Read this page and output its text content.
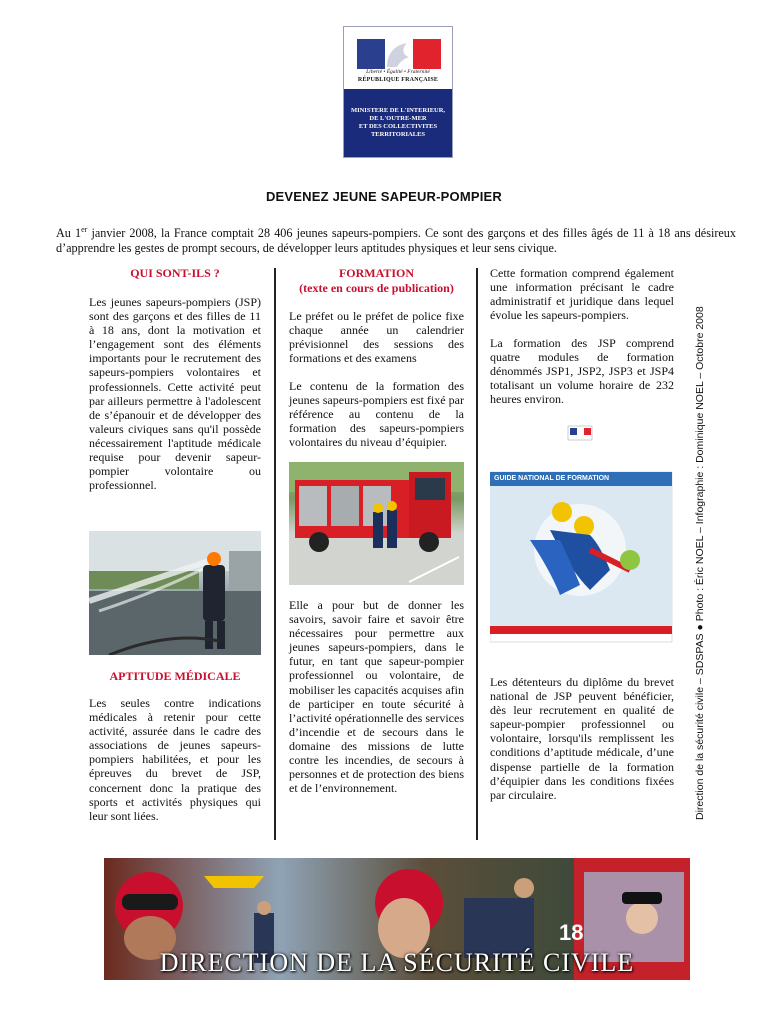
Liberté • Égalité • Fraternité
RÉPUBLIQUE FRANÇAISE
MINISTERE DE L'INTERIEUR,
DE L'OUTRE-MER
ET DES COLLECTIVITES
TERRITORIALES
DEVENEZ JEUNE SAPEUR-POMPIER
Au 1er janvier 2008, la France comptait 28 406 jeunes sapeurs-pompiers. Ce sont des garçons et des filles âgés de 11 à 18 ans désireux d’apprendre les gestes de prompt secours, de développer leurs aptitudes physiques et leur sens civique.
QUI SONT-ILS ?
Les jeunes sapeurs-pompiers (JSP) sont des garçons et des filles de 11 à 18 ans, dont la motivation et l’engagement sont des éléments importants pour le recrutement des sapeurs-pompiers volontaires et professionnels. Cette activité peut par ailleurs permettre à l'adolescent de s’épanouir et de développer des valeurs civiques sans qu'il possède nécessairement l'aptitude médicale requise pour devenir sapeur-pompier volontaire ou professionnel.
APTITUDE MÉDICALE
Les seules contre indications médicales à retenir pour cette activité, assurée dans le cadre des associations de jeunes sapeurs-pompiers habilitées, et pour les épreuves du brevet de JSP, concernent donc la pratique des sports et activités physiques qui leur sont liées.
FORMATION
(texte en cours de publication)
Le préfet ou le préfet de police fixe chaque année un calendrier prévisionnel des sessions des formations et des examens
Le contenu de la formation des jeunes sapeurs-pompiers est fixé par référence au contenu de la formation des sapeurs-pompiers volontaires du niveau d’équipier.
Elle a pour but de donner les savoirs, savoir faire et savoir être nécessaires pour permettre aux jeunes sapeurs-pompiers, dans le futur, en tant que sapeur-pompier professionnel ou volontaire, de mobiliser les capacités acquises afin de participer en toute sécurité à l’activité opérationnelle des services d’incendie et de secours dans le domaine des missions de lutte contre les incendies, de secours à personnes et de protection des biens et de l’environnement.
Cette formation comprend également une information précisant le cadre administratif et juridique dans lequel évolue les sapeurs-pompiers.
La formation des JSP comprend quatre modules de formation dénommés JSP1, JSP2, JSP3 et JSP4 totalisant un volume horaire de 232 heures environ.
GUIDE NATIONAL DE FORMATION
Les détenteurs du diplôme du brevet national de JSP peuvent bénéficier, dès leur recrutement en qualité de sapeur-pompier professionnel ou volontaire, lorsqu'ils remplissent les conditions d’aptitude médicale, d’une dispense partielle de la formation d’équipier dans les conditions fixées par circulaire.	Direction de la sécurité civile – SDSPAS ● Photo : Éric NOEL – Infographie : Dominique NOEL – Octobre 2008
18
DIRECTION DE LA SÉCURITÉ CIVILE
